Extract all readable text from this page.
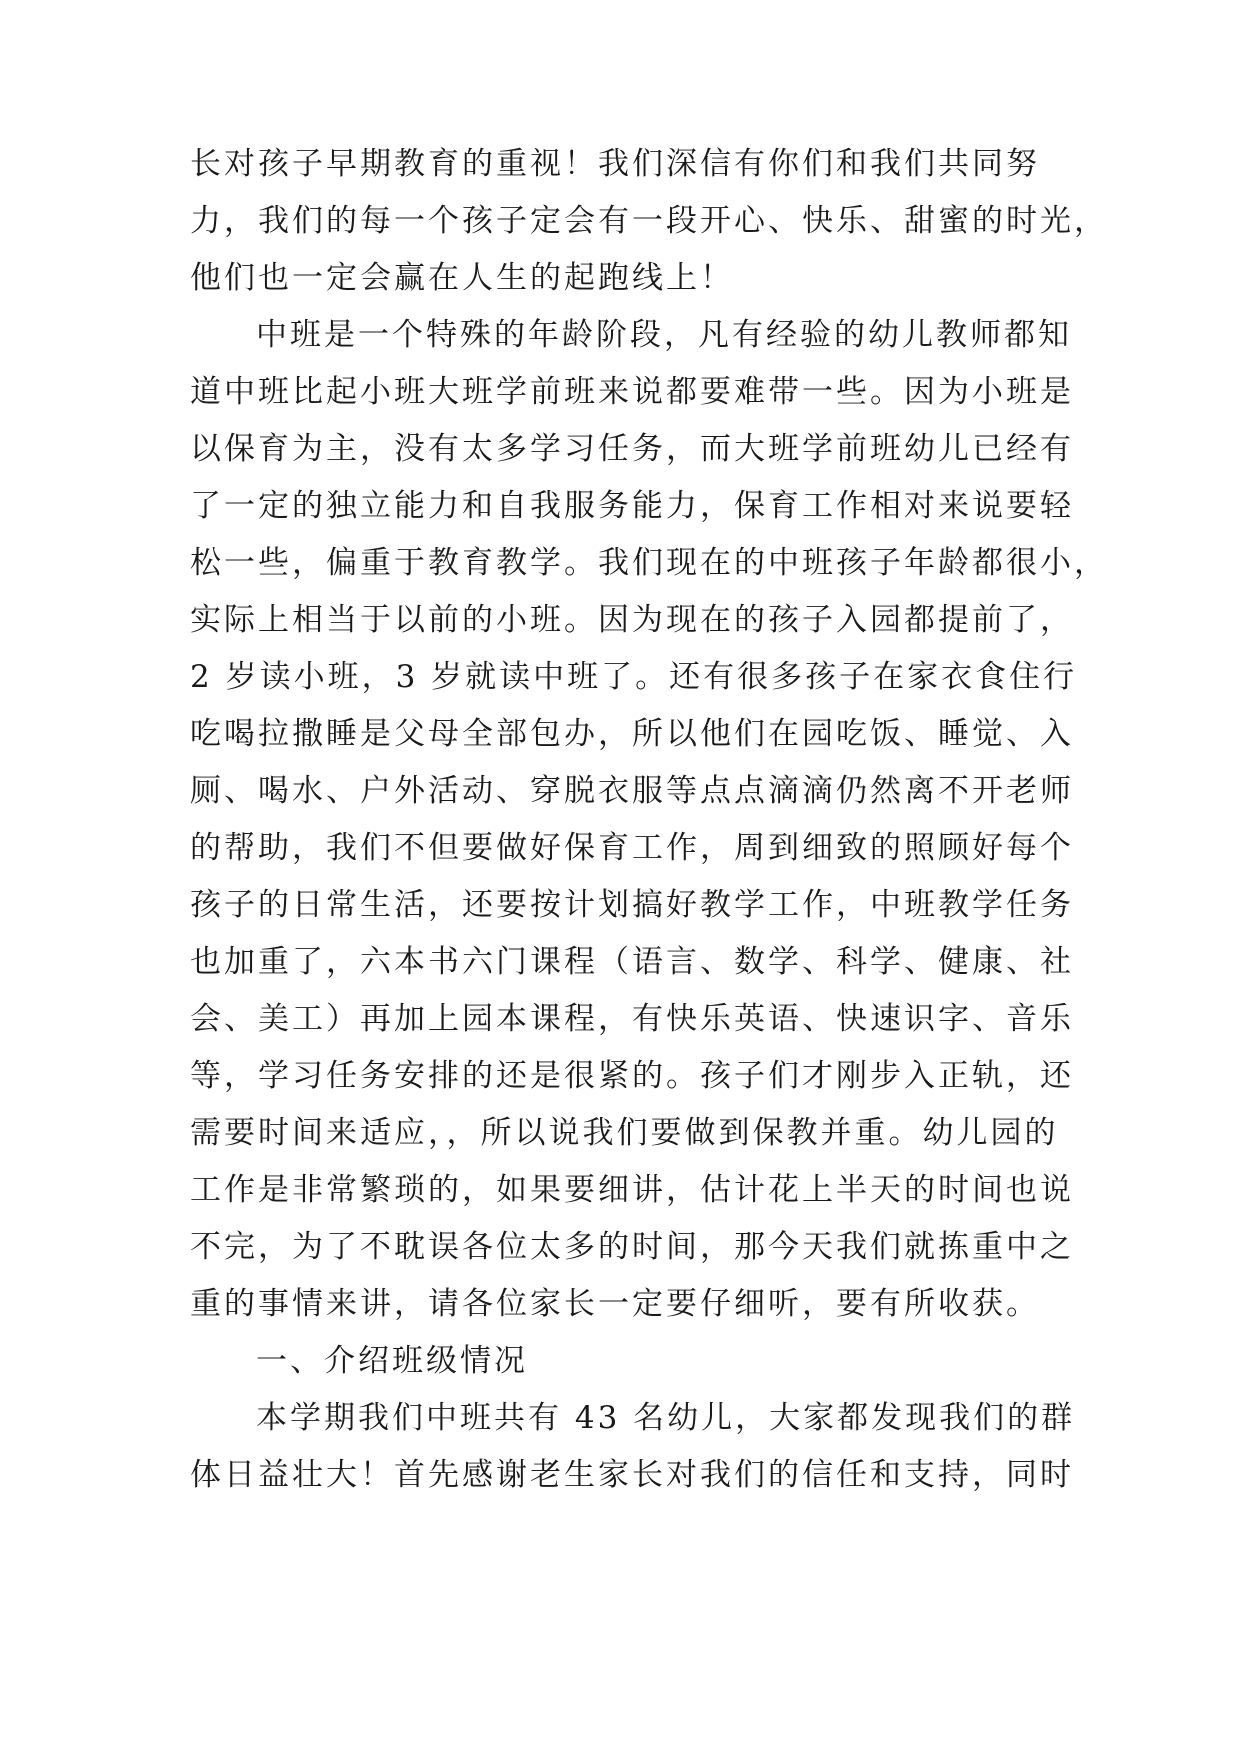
长对孩子早期教育的重视！我们深信有你们和我们共同努
力，我们的每一个孩子定会有一段开心、快乐、甜蜜的时光，
他们也一定会赢在人生的起跑线上！
中班是一个特殊的年龄阶段，凡有经验的幼儿教师都知
道中班比起小班大班学前班来说都要难带一些。因为小班是
以保育为主，没有太多学习任务，而大班学前班幼儿已经有
了一定的独立能力和自我服务能力，保育工作相对来说要轻
松一些，偏重于教育教学。我们现在的中班孩子年龄都很小，
实际上相当于以前的小班。因为现在的孩子入园都提前了，
2 岁读小班，3 岁就读中班了。还有很多孩子在家衣食住行
吃喝拉撒睡是父母全部包办，所以他们在园吃饭、睡觉、入
厕、喝水、户外活动、穿脱衣服等点点滴滴仍然离不开老师
的帮助，我们不但要做好保育工作，周到细致的照顾好每个
孩子的日常生活，还要按计划搞好教学工作，中班教学任务
也加重了，六本书六门课程（语言、数学、科学、健康、社
会、美工）再加上园本课程，有快乐英语、快速识字、音乐
等，学习任务安排的还是很紧的。孩子们才刚步入正轨，还
需要时间来适应，，所以说我们要做到保教并重。幼儿园的
工作是非常繁琐的，如果要细讲，估计花上半天的时间也说
不完，为了不耽误各位太多的时间，那今天我们就拣重中之
重的事情来讲，请各位家长一定要仔细听，要有所收获。
一、介绍班级情况
本学期我们中班共有 43 名幼儿，大家都发现我们的群
体日益壮大！首先感谢老生家长对我们的信任和支持，同时
